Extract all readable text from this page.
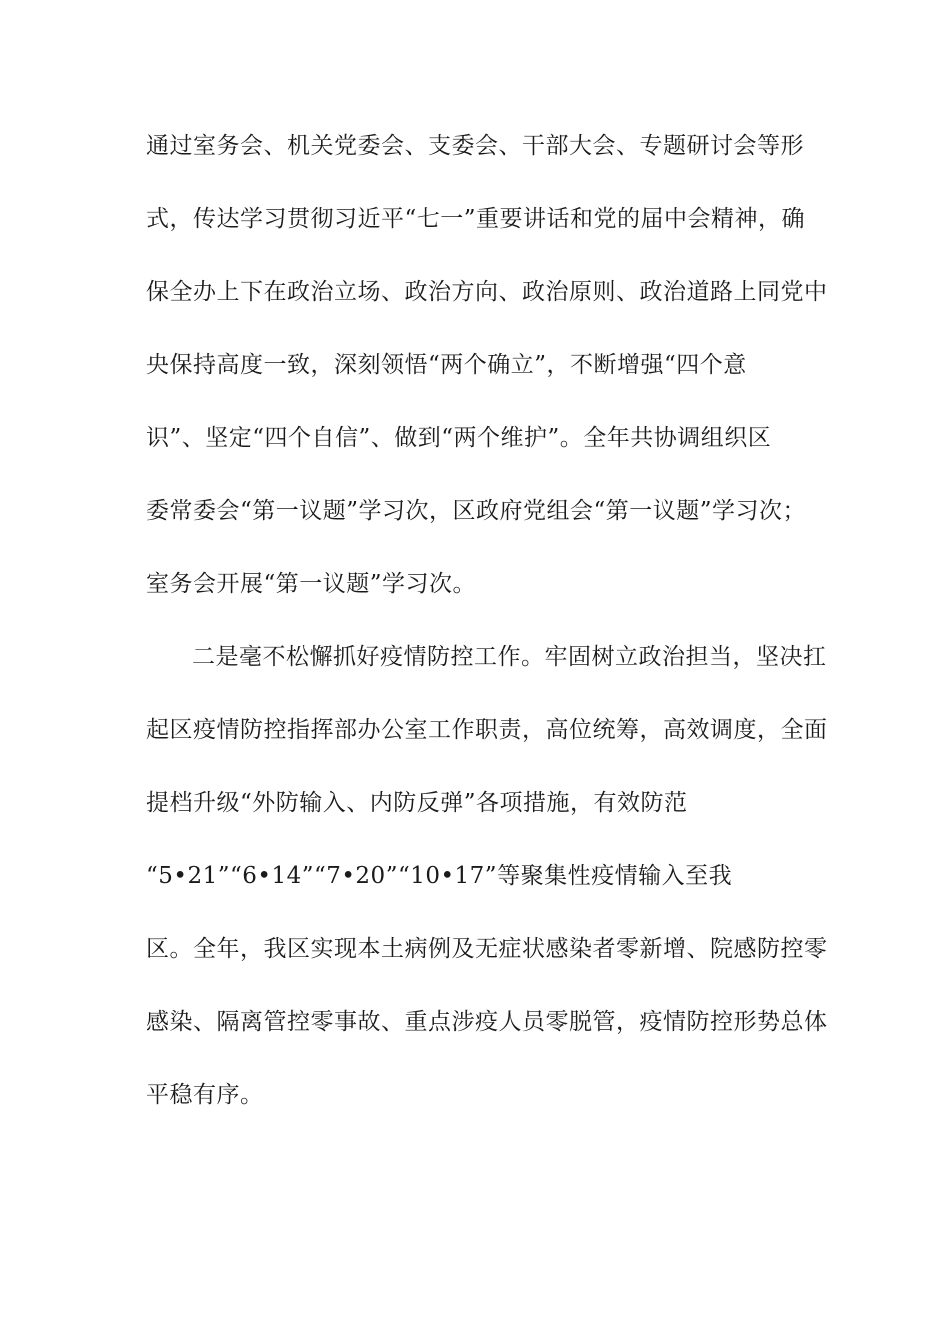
通过室务会、机关党委会、支委会、干部大会、专题研讨会等形
式，传达学习贯彻习近平“七一”重要讲话和党的届中会精神，确
保全办上下在政治立场、政治方向、政治原则、政治道路上同党中
央保持高度一致，深刻领悟“两个确立”，不断增强“四个意
识”、坚定“四个自信”、做到“两个维护”。全年共协调组织区
委常委会“第一议题”学习次，区政府党组会“第一议题”学习次；
室务会开展“第一议题”学习次。
二是毫不松懈抓好疫情防控工作。牢固树立政治担当，坚决扛
起区疫情防控指挥部办公室工作职责，高位统筹，高效调度，全面
提档升级“外防输入、内防反弹”各项措施，有效防范
“5•21”“6•14”“7•20”“10•17”等聚集性疫情输入至我
区。全年，我区实现本土病例及无症状感染者零新增、院感防控零
感染、隔离管控零事故、重点涉疫人员零脱管，疫情防控形势总体
平稳有序。
